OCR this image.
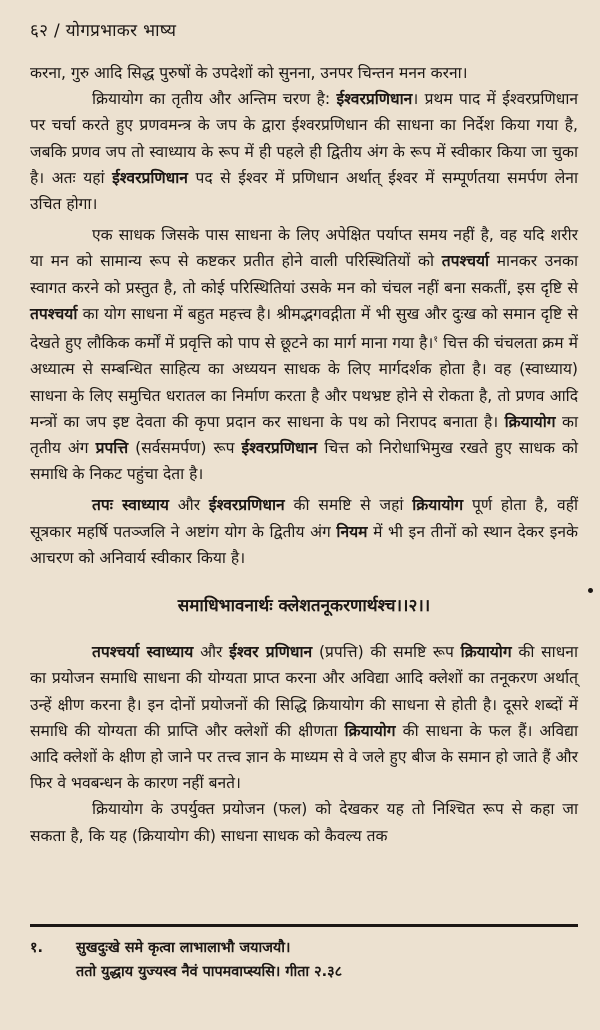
६२ / योगप्रभाकर भाष्य

करना, गुरु आदि सिद्ध पुरुषों के उपदेशों को सुनना, उनपर चिन्तन मनन करना।

क्रियायोग का तृतीय और अन्तिम चरण है: ईश्वरप्रणिधान। प्रथम पाद में ईश्वरप्रणिधान पर चर्चा करते हुए प्रणवमन्त्र के जप के द्वारा ईश्वरप्रणिधान की साधना का निर्देश किया गया है, जबकि प्रणव जप तो स्वाध्याय के रूप में ही पहले ही द्वितीय अंग के रूप में स्वीकार किया जा चुका है। अतः यहां ईश्वरप्रणिधान पद से ईश्वर में प्रणिधान अर्थात् ईश्वर में सम्पूर्णतया समर्पण लेना उचित होगा।

एक साधक जिसके पास साधना के लिए अपेक्षित पर्याप्त समय नहीं है, वह यदि शरीर या मन को सामान्य रूप से कष्टकर प्रतीत होने वाली परिस्थितियों को तपश्चर्या मानकर उनका स्वागत करने को प्रस्तुत है, तो कोई परिस्थितियां उसके मन को चंचल नहीं बना सकतीं, इस दृष्टि से तपश्चर्या का योग साधना में बहुत महत्त्व है। श्रीमद्भगवद्गीता में भी सुख और दुःख को समान दृष्टि से देखते हुए लौकिक कर्मों में प्रवृत्ति को पाप से छूटने का मार्ग माना गया है।$^१$ चित्त की चंचलता क्रम में अध्यात्म से सम्बन्धित साहित्य का अध्ययन साधक के लिए मार्गदर्शक होता है। वह (स्वाध्याय) साधना के लिए समुचित धरातल का निर्माण करता है और पथभ्रष्ट होने से रोकता है, तो प्रणव आदि मन्त्रों का जप इष्ट देवता की कृपा प्रदान कर साधना के पथ को निरापद बनाता है। क्रियायोग का तृतीय अंग प्रपत्ति (सर्वसमर्पण) रूप ईश्वरप्रणिधान चित्त को निरोधाभिमुख रखते हुए साधक को समाधि के निकट पहुंचा देता है।

तपः स्वाध्याय और ईश्वरप्रणिधान की समष्टि से जहां क्रियायोग पूर्ण होता है, वहीं सूत्रकार महर्षि पतञ्जलि ने अष्टांग योग के द्वितीय अंग नियम में भी इन तीनों को स्थान देकर इनके आचरण को अनिवार्य स्वीकार किया है।

समाधिभावनार्थः क्लेशतनूकरणार्थश्च।।२।।

तपश्चर्या स्वाध्याय और ईश्वर प्रणिधान (प्रपत्ति) की समष्टि रूप क्रियायोग की साधना का प्रयोजन समाधि साधना की योग्यता प्राप्त करना और अविद्या आदि क्लेशों का तनूकरण अर्थात् उन्हें क्षीण करना है। इन दोनों प्रयोजनों की सिद्धि क्रियायोग की साधना से होती है। दूसरे शब्दों में समाधि की योग्यता की प्राप्ति और क्लेशों की क्षीणता क्रियायोग की साधना के फल हैं। अविद्या आदि क्लेशों के क्षीण हो जाने पर तत्त्व ज्ञान के माध्यम से वे जले हुए बीज के समान हो जाते हैं और फिर वे भवबन्धन के कारण नहीं बनते।

क्रियायोग के उपर्युक्त प्रयोजन (फल) को देखकर यह तो निश्चित रूप से कहा जा सकता है, कि यह (क्रियायोग की) साधना साधक को कैवल्य तक

१. सुखदुःखे समे कृत्वा लाभालाभौ जयाजयौ।
ततो युद्धाय युज्यस्व नैवं पापमवाप्स्यसि। गीता २.३८
